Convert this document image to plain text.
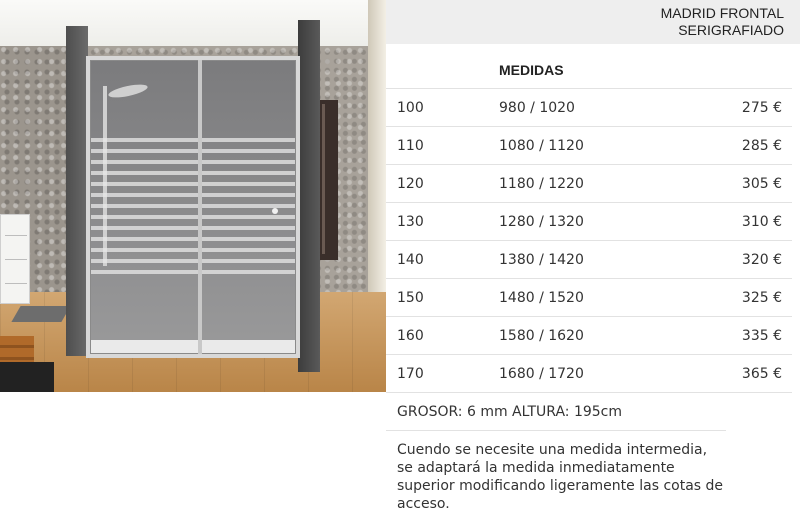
MADRID FRONTAL
SERIGRAFIADO
MEDIDAS
100	980 / 1020	275 €
110	1080 / 1120	285 €
120	1180 / 1220	305 €
130	1280 / 1320	310 €
140	1380 / 1420	320 €
150	1480 / 1520	325 €
160	1580 / 1620	335 €
170	1680 / 1720	365 €
GROSOR: 6 mm ALTURA: 195cm
Cuendo se necesite una medida intermedia, se adaptará la medida inmediatamente superior modificando ligeramente las cotas de acceso.
